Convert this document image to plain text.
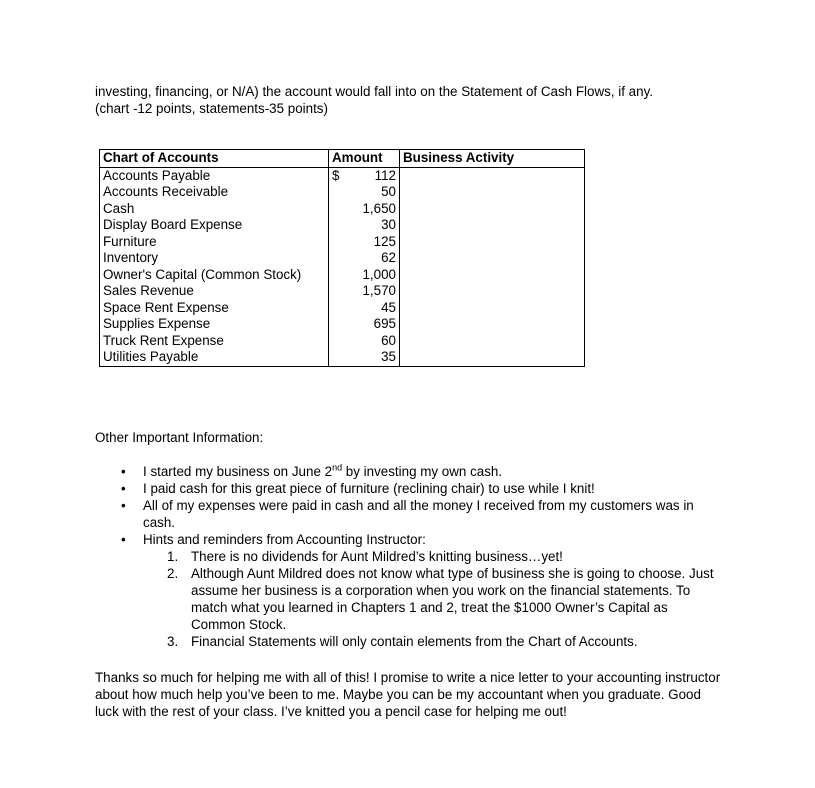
investing, financing, or N/A) the account would fall into on the Statement of Cash Flows, if any.

(chart -12 points, statements-35 points)

Chart of Accounts	Amount	Business Activity
Accounts Payable	$ 112	
Accounts Receivable	50	
Cash	1,650	
Display Board Expense	30	
Furniture	125	
Inventory	62	
Owner's Capital (Common Stock)	1,000	
Sales Revenue	1,570	
Space Rent Expense	45	
Supplies Expense	695	
Truck Rent Expense	60	
Utilities Payable	35	

Other Important Information:

• I started my business on June 2nd by investing my own cash.
• I paid cash for this great piece of furniture (reclining chair) to use while I knit!
• All of my expenses were paid in cash and all the money I received from my customers was in cash.
• Hints and reminders from Accounting Instructor:
1. There is no dividends for Aunt Mildred’s knitting business…yet!
2. Although Aunt Mildred does not know what type of business she is going to choose. Just assume her business is a corporation when you work on the financial statements. To match what you learned in Chapters 1 and 2, treat the $1000 Owner’s Capital as Common Stock.
3. Financial Statements will only contain elements from the Chart of Accounts.

Thanks so much for helping me with all of this! I promise to write a nice letter to your accounting instructor about how much help you’ve been to me. Maybe you can be my accountant when you graduate. Good luck with the rest of your class. I’ve knitted you a pencil case for helping me out!
